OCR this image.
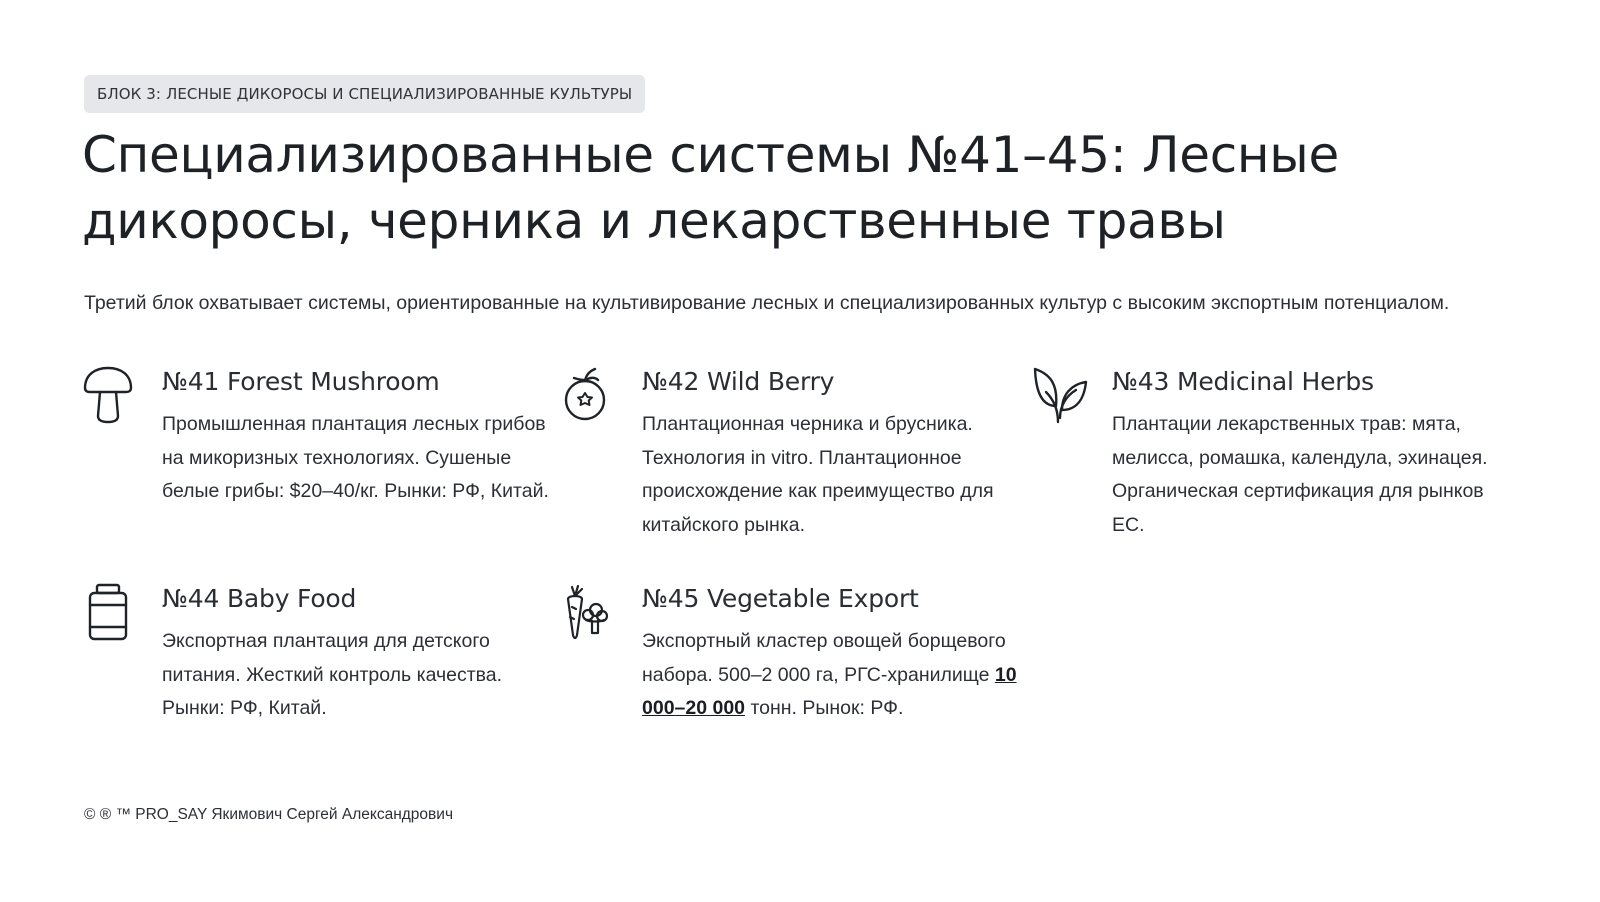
БЛОК 3: ЛЕСНЫЕ ДИКОРОСЫ И СПЕЦИАЛИЗИРОВАННЫЕ КУЛЬТУРЫ
Специализированные системы №41–45: Лесные дикоросы, черника и лекарственные травы

Третий блок охватывает системы, ориентированные на культивирование лесных и специализированных культур с высоким экспортным потенциалом.

№41 Forest Mushroom
Промышленная плантация лесных грибов на микоризных технологиях. Сушеные белые грибы: $20–40/кг. Рынки: РФ, Китай.
№42 Wild Berry
Плантационная черника и брусника. Технология in vitro. Плантационное происхождение как преимущество для китайского рынка.
№43 Medicinal Herbs
Плантации лекарственных трав: мята, мелисса, ромашка, календула, эхинацея. Органическая сертификация для рынков ЕС.
№44 Baby Food
Экспортная плантация для детского питания. Жесткий контроль качества. Рынки: РФ, Китай.
№45 Vegetable Export
Экспортный кластер овощей борщевого набора. 500–2 000 га, РГС-хранилище 10 000–20 000 тонн. Рынок: РФ.
© ® ™ PRO_SAY Якимович Сергей Александрович
